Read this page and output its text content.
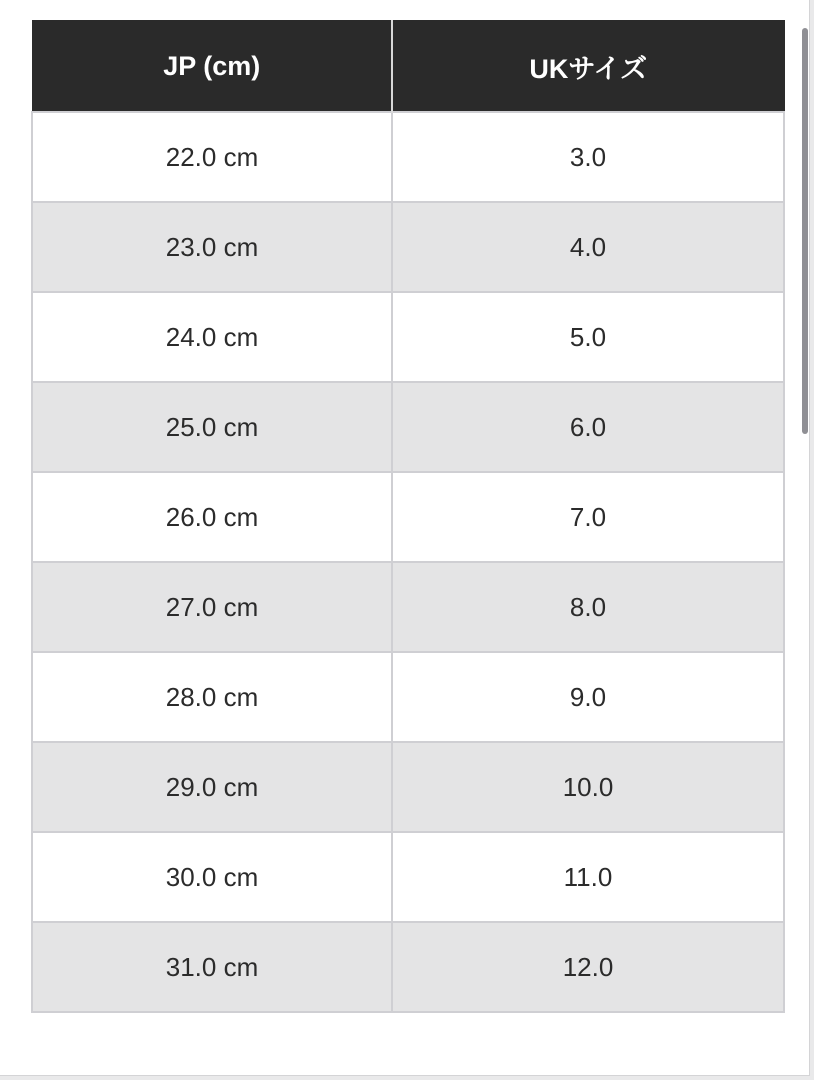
JP (cm)	UKサイズ
22.0 cm	3.0
23.0 cm	4.0
24.0 cm	5.0
25.0 cm	6.0
26.0 cm	7.0
27.0 cm	8.0
28.0 cm	9.0
29.0 cm	10.0
30.0 cm	11.0
31.0 cm	12.0
